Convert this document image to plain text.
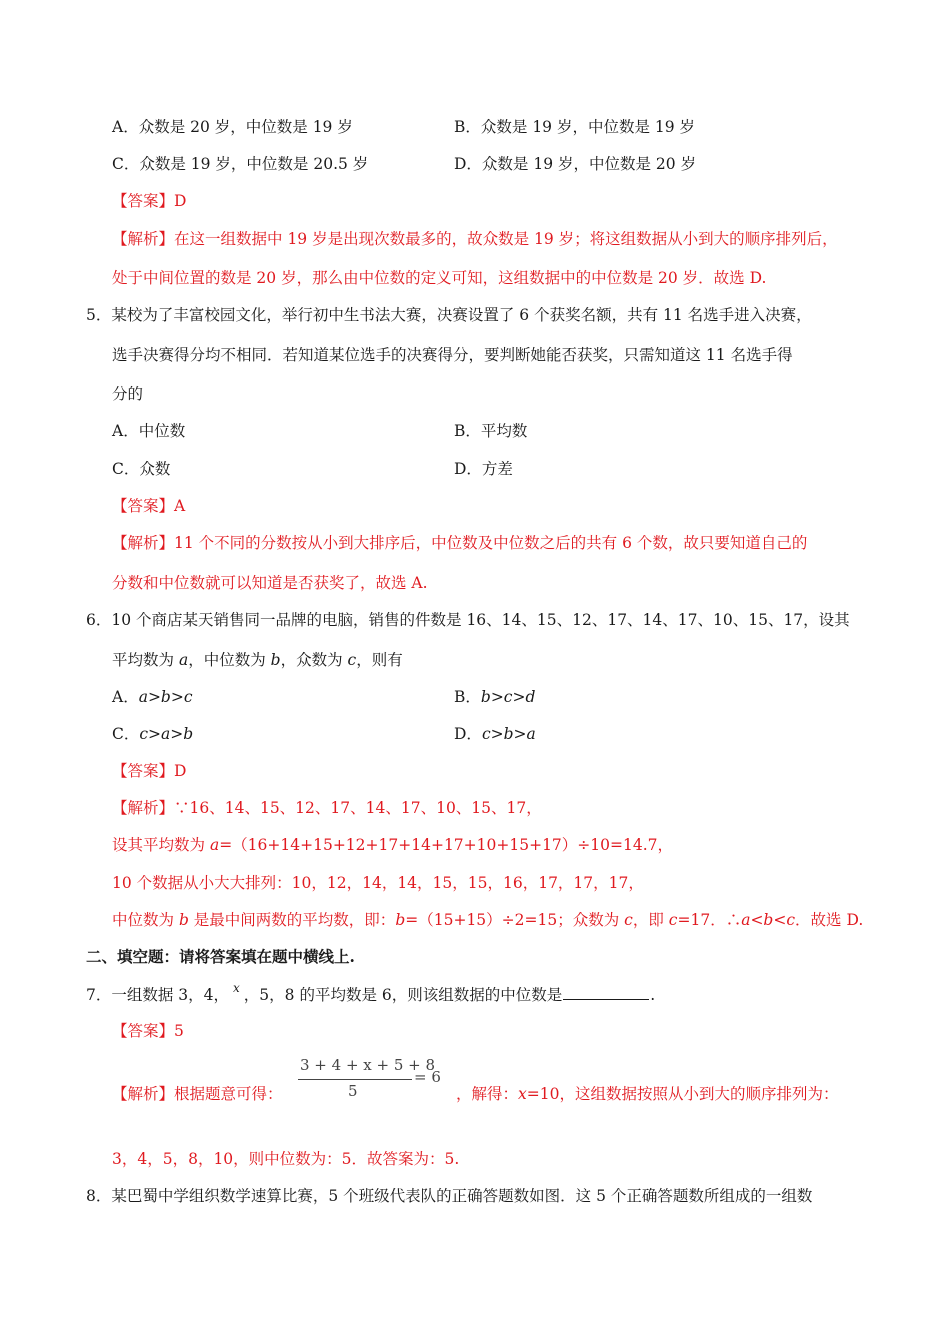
A．众数是 20 岁，中位数是 19 岁	B．众数是 19 岁，中位数是 19 岁
C．众数是 19 岁，中位数是 20.5 岁	D．众数是 19 岁，中位数是 20 岁
【答案】D
【解析】在这一组数据中 19 岁是出现次数最多的，故众数是 19 岁；将这组数据从小到大的顺序排列后，
处于中间位置的数是 20 岁，那么由中位数的定义可知，这组数据中的中位数是 20 岁．故选 D.
5．某校为了丰富校园文化，举行初中生书法大赛，决赛设置了 6 个获奖名额，共有 11 名选手进入决赛，
选手决赛得分均不相同．若知道某位选手的决赛得分，要判断她能否获奖，只需知道这 11 名选手得
分的
A．中位数	B．平均数
C．众数	D．方差
【答案】A
【解析】11 个不同的分数按从小到大排序后，中位数及中位数之后的共有 6 个数，故只要知道自己的
分数和中位数就可以知道是否获奖了，故选 A.
6．10 个商店某天销售同一品牌的电脑，销售的件数是 16、14、15、12、17、14、17、10、15、17，设其
平均数为 a，中位数为 b，众数为 c，则有
A．a>b>c	B．b>c>d
C．c>a>b	D．c>b>a
【答案】D
【解析】∵16、14、15、12、17、14、17、10、15、17，
设其平均数为 a=（16+14+15+12+17+14+17+10+15+17）÷10=14.7，
10 个数据从小大大排列：10，12，14，14，15，15，16，17，17，17，
中位数为 b 是最中间两数的平均数，即：b=（15+15）÷2=15；众数为 c，即 c=17．∴a<b<c．故选 D.
二、填空题：请将答案填在题中横线上.
7．一组数据 3，4， $^x$ ，5，8 的平均数是 6，则该组数据的中位数是	.
【答案】5
3 + 4 + x + 5 + 8
5
= 6
【解析】根据题意可得：	，解得：x=10，这组数据按照从小到大的顺序排列为：
3，4，5，8，10，则中位数为：5．故答案为：5.
8．某巴蜀中学组织数学速算比赛，5 个班级代表队的正确答题数如图．这 5 个正确答题数所组成的一组数
